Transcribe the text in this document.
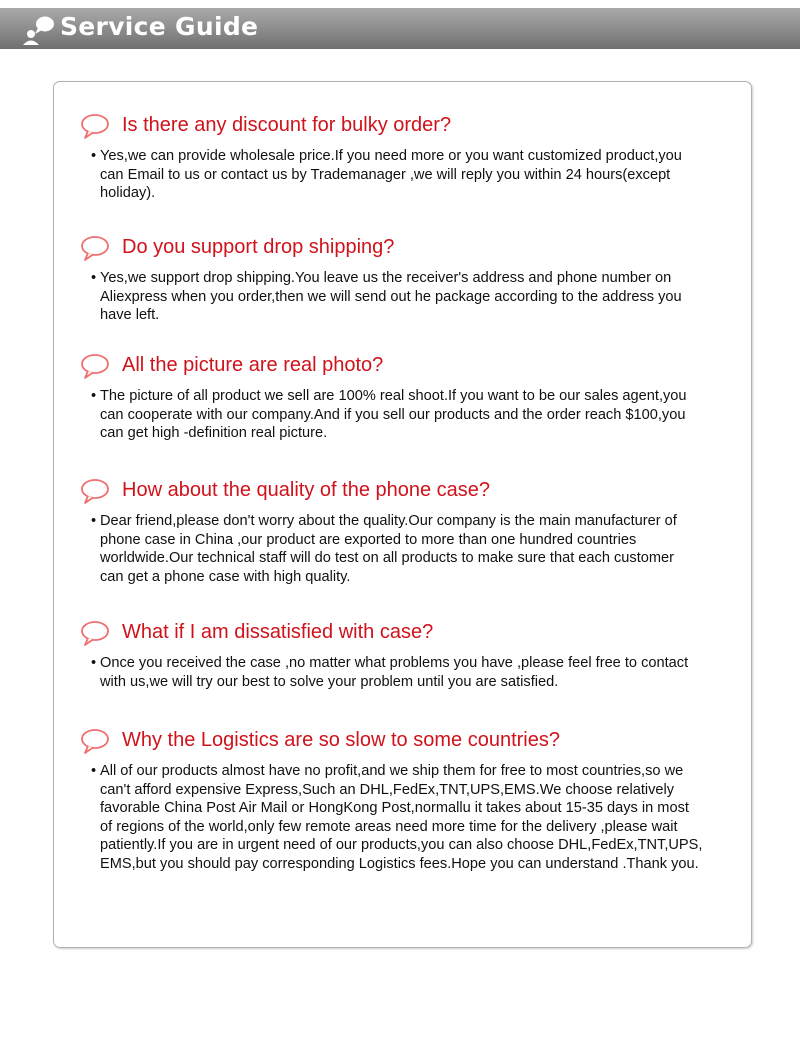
Service Guide
Is there any discount for bulky order?
• Yes,we can provide wholesale price.If you need more or you want customized product,you
can Email to us or contact us by Trademanager ,we will reply you within 24 hours(except
holiday).
Do you support drop shipping?
• Yes,we support drop shipping.You leave us the receiver's address and phone number on
Aliexpress when you order,then we will send out he package according to the address you
have left.
All the picture are real photo?
• The picture of all product we sell are 100% real shoot.If you want to be our sales agent,you
can cooperate with our company.And if you sell our products and the order reach $100,you
can get high -definition real picture.
How about the quality of the phone case?
• Dear friend,please don't worry about the quality.Our company is the main manufacturer of
phone case in China ,our product are exported to more than one hundred countries
worldwide.Our technical staff will do test on all products to make sure that each customer
can get a phone case with high quality.
What if I am dissatisfied with case?
• Once you received the case ,no matter what problems you have ,please feel free to contact
with us,we will try our best to solve your problem until you are satisfied.
Why the Logistics are so slow to some countries?
• All of our products almost have no profit,and we ship them for free to most countries,so we
can't afford expensive Express,Such an DHL,FedEx,TNT,UPS,EMS.We choose relatively
favorable China Post Air Mail or HongKong Post,normallu it takes about 15-35 days in most
of regions of the world,only few remote areas need more time for the delivery ,please wait
patiently.If you are in urgent need of our products,you can also choose DHL,FedEx,TNT,UPS,
EMS,but you should pay corresponding Logistics fees.Hope you can understand .Thank you.
